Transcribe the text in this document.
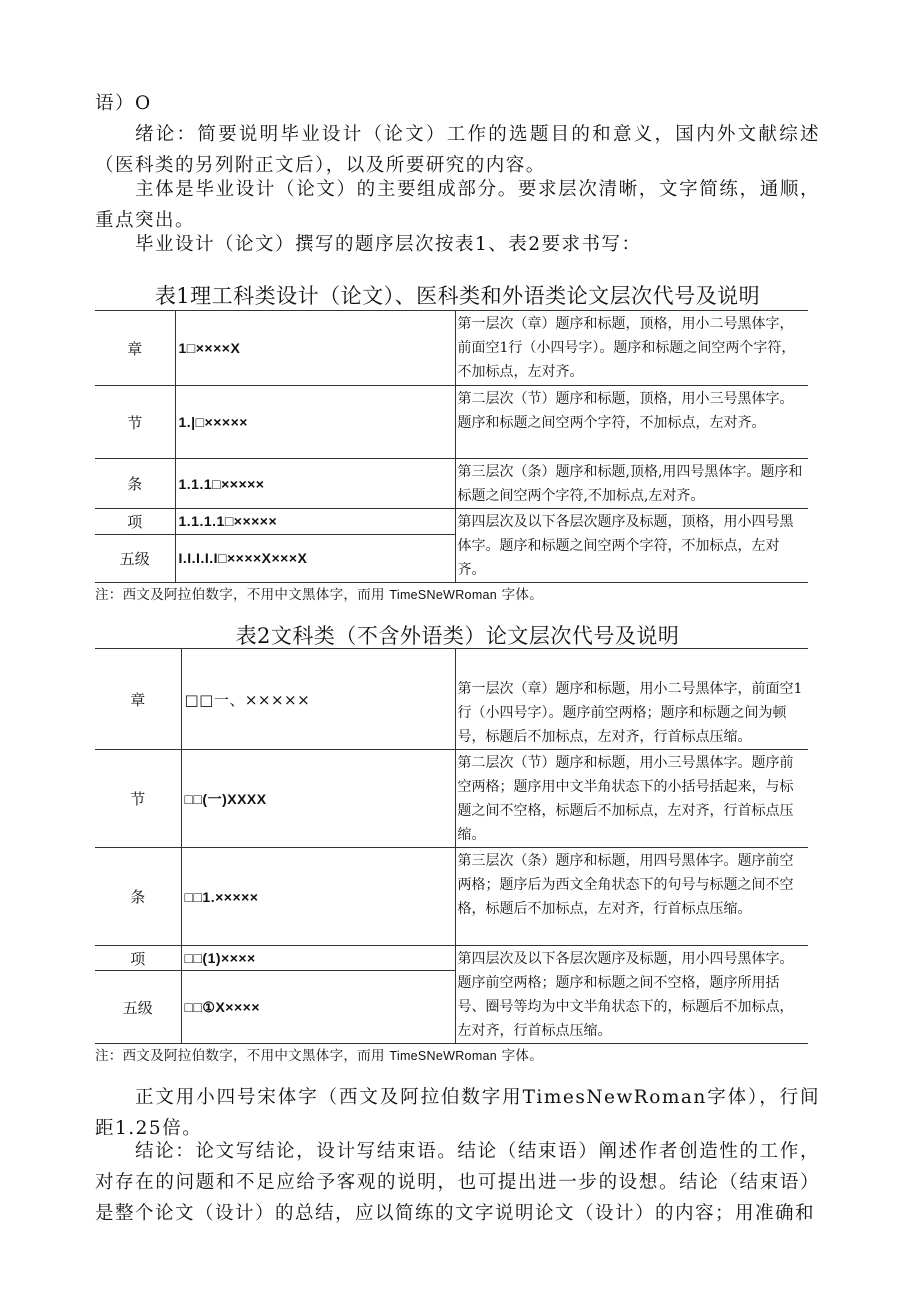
语）O

绪论：简要说明毕业设计（论文）工作的选题目的和意义，国内外文献综述（医科类的另列附正文后），以及所要研究的内容。

主体是毕业设计（论文）的主要组成部分。要求层次清晰，文字简练，通顺，重点突出。

毕业设计（论文）撰写的题序层次按表1、表2要求书写：

表1理工科类设计（论文）、医科类和外语类论文层次代号及说明

章	1□××××X	第一层次（章）题序和标题，顶格，用小二号黑体字，前面空1行（小四号字）。题序和标题之间空两个字符，不加标点，左对齐。
节	1.|□×××××	第二层次（节）题序和标题，顶格，用小三号黑体字。题序和标题之间空两个字符，不加标点，左对齐。
条	1.1.1□×××××	第三层次（条）题序和标题,顶格,用四号黑体字。题序和标题之间空两个字符,不加标点,左对齐。
项	1.1.1.1□×××××	第四层次及以下各层次题序及标题，顶格，用小四号黑体字。题序和标题之间空两个字符，不加标点，左对齐。
五级	I.I.I.I.I□××××X×××X	

注：西文及阿拉伯数字，不用中文黑体字，而用 TimeSNeWRoman 字体。

表2文科类（不含外语类）论文层次代号及说明

章	□□一、×××××	第一层次（章）题序和标题，用小二号黑体字，前面空1行（小四号字）。题序前空两格；题序和标题之间为顿号，标题后不加标点，左对齐，行首标点压缩。
节	□□(一)XXXX	第二层次（节）题序和标题，用小三号黑体字。题序前空两格；题序用中文半角状态下的小括号括起来，与标题之间不空格，标题后不加标点，左对齐，行首标点压缩。
条	□□1.×××××	第三层次（条）题序和标题，用四号黑体字。题序前空两格；题序后为西文全角状态下的句号与标题之间不空格，标题后不加标点，左对齐，行首标点压缩。
项	□□(1)××××	第四层次及以下各层次题序及标题，用小四号黑体字。题序前空两格；题序和标题之间不空格，题序所用括号、圈号等均为中文半角状态下的，标题后不加标点，左对齐，行首标点压缩。
五级	□□①X××××	

注：西文及阿拉伯数字，不用中文黑体字，而用 TimeSNeWRoman 字体。

正文用小四号宋体字（西文及阿拉伯数字用TimesNewRoman字体），行间距1.25倍。

结论：论文写结论，设计写结束语。结论（结束语）阐述作者创造性的工作，对存在的问题和不足应给予客观的说明，也可提出进一步的设想。结论（结束语）是整个论文（设计）的总结，应以简练的文字说明论文（设计）的内容；用准确和
